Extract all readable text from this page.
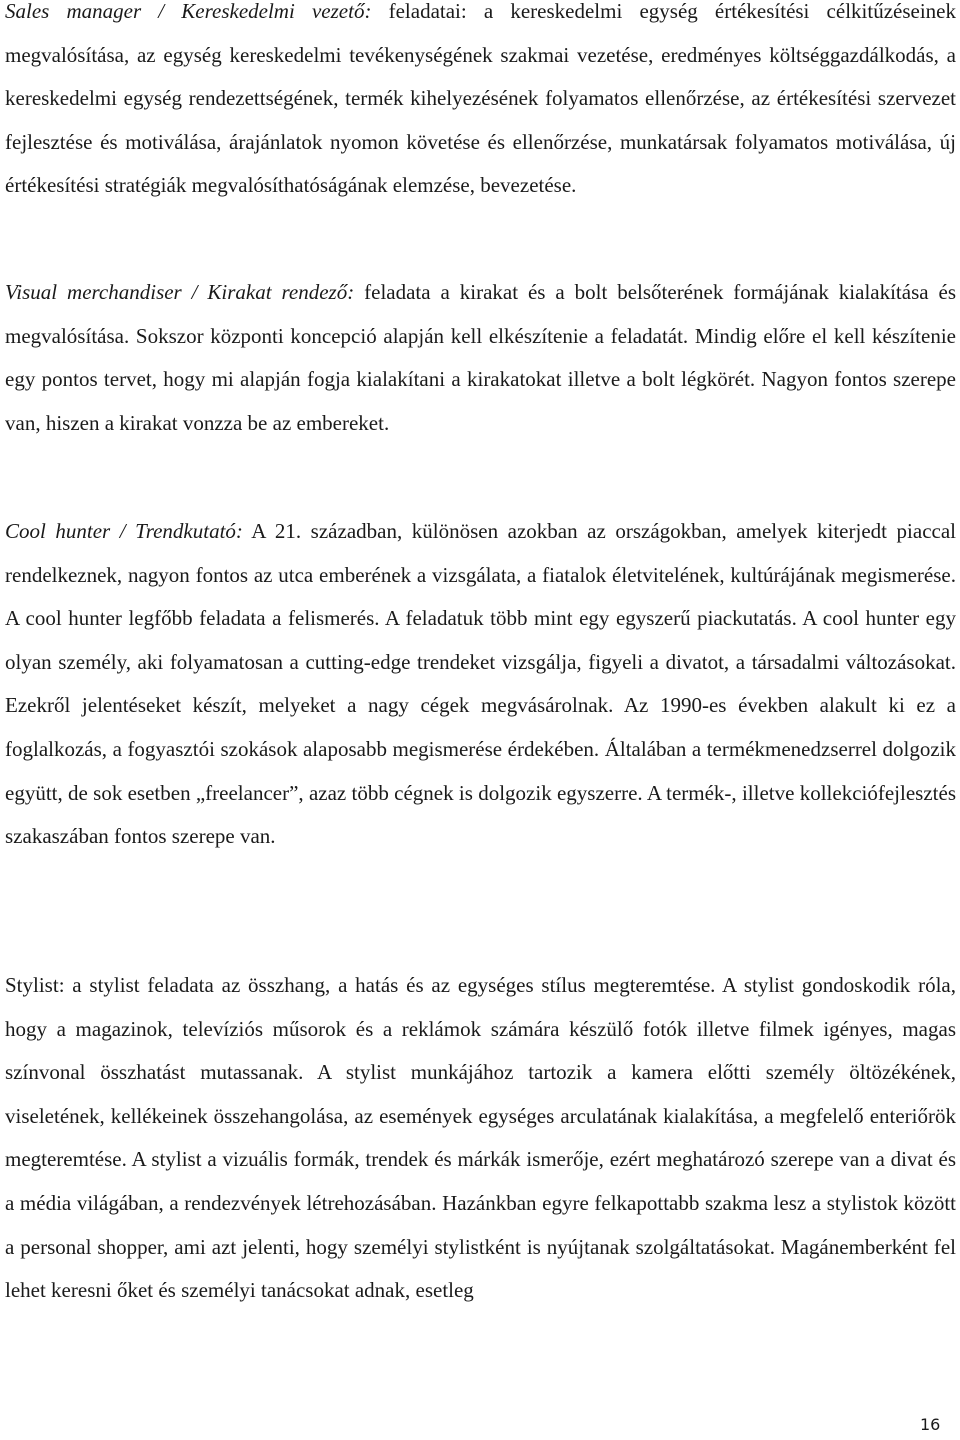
Sales manager / Kereskedelmi vezető: feladatai: a kereskedelmi egység értékesítési célkitűzéseinek megvalósítása, az egység kereskedelmi tevékenységének szakmai vezetése, eredményes költséggazdálkodás, a kereskedelmi egység rendezettségének, termék kihelyezésének folyamatos ellenőrzése, az értékesítési szervezet fejlesztése és motiválása, árajánlatok nyomon követése és ellenőrzése, munkatársak folyamatos motiválása, új értékesítési stratégiák megvalósíthatóságának elemzése, bevezetése.

Visual merchandiser / Kirakat rendező: feladata a kirakat és a bolt belsőterének formájának kialakítása és megvalósítása. Sokszor központi koncepció alapján kell elkészítenie a feladatát. Mindig előre el kell készítenie egy pontos tervet, hogy mi alapján fogja kialakítani a kirakatokat illetve a bolt légkörét. Nagyon fontos szerepe van, hiszen a kirakat vonzza be az embereket.

Cool hunter / Trendkutató: A 21. században, különösen azokban az országokban, amelyek kiterjedt piaccal rendelkeznek, nagyon fontos az utca emberének a vizsgálata, a fiatalok életvitelének, kultúrájának megismerése. A cool hunter legfőbb feladata a felismerés. A feladatuk több mint egy egyszerű piackutatás. A cool hunter egy olyan személy, aki folyamatosan a cutting-edge trendeket vizsgálja, figyeli a divatot, a társadalmi változásokat. Ezekről jelentéseket készít, melyeket a nagy cégek megvásárolnak. Az 1990-es években alakult ki ez a foglalkozás, a fogyasztói szokások alaposabb megismerése érdekében. Általában a termékmenedzserrel dolgozik együtt, de sok esetben „freelancer”, azaz több cégnek is dolgozik egyszerre. A termék-, illetve kollekciófejlesztés szakaszában fontos szerepe van.

Stylist: a stylist feladata az összhang, a hatás és az egységes stílus megteremtése. A stylist gondoskodik róla, hogy a magazinok, televíziós műsorok és a reklámok számára készülő fotók illetve filmek igényes, magas színvonal összhatást mutassanak. A stylist munkájához tartozik a kamera előtti személy öltözékének, viseletének, kellékeinek összehangolása, az események egységes arculatának kialakítása, a megfelelő enteriőrök megteremtése. A stylist a vizuális formák, trendek és márkák ismerője, ezért meghatározó szerepe van a divat és a média világában, a rendezvények létrehozásában. Hazánkban egyre felkapottabb szakma lesz a stylistok között a personal shopper, ami azt jelenti, hogy személyi stylistként is nyújtanak szolgáltatásokat. Magánemberként fel lehet keresni őket és személyi tanácsokat adnak, esetleg

16
